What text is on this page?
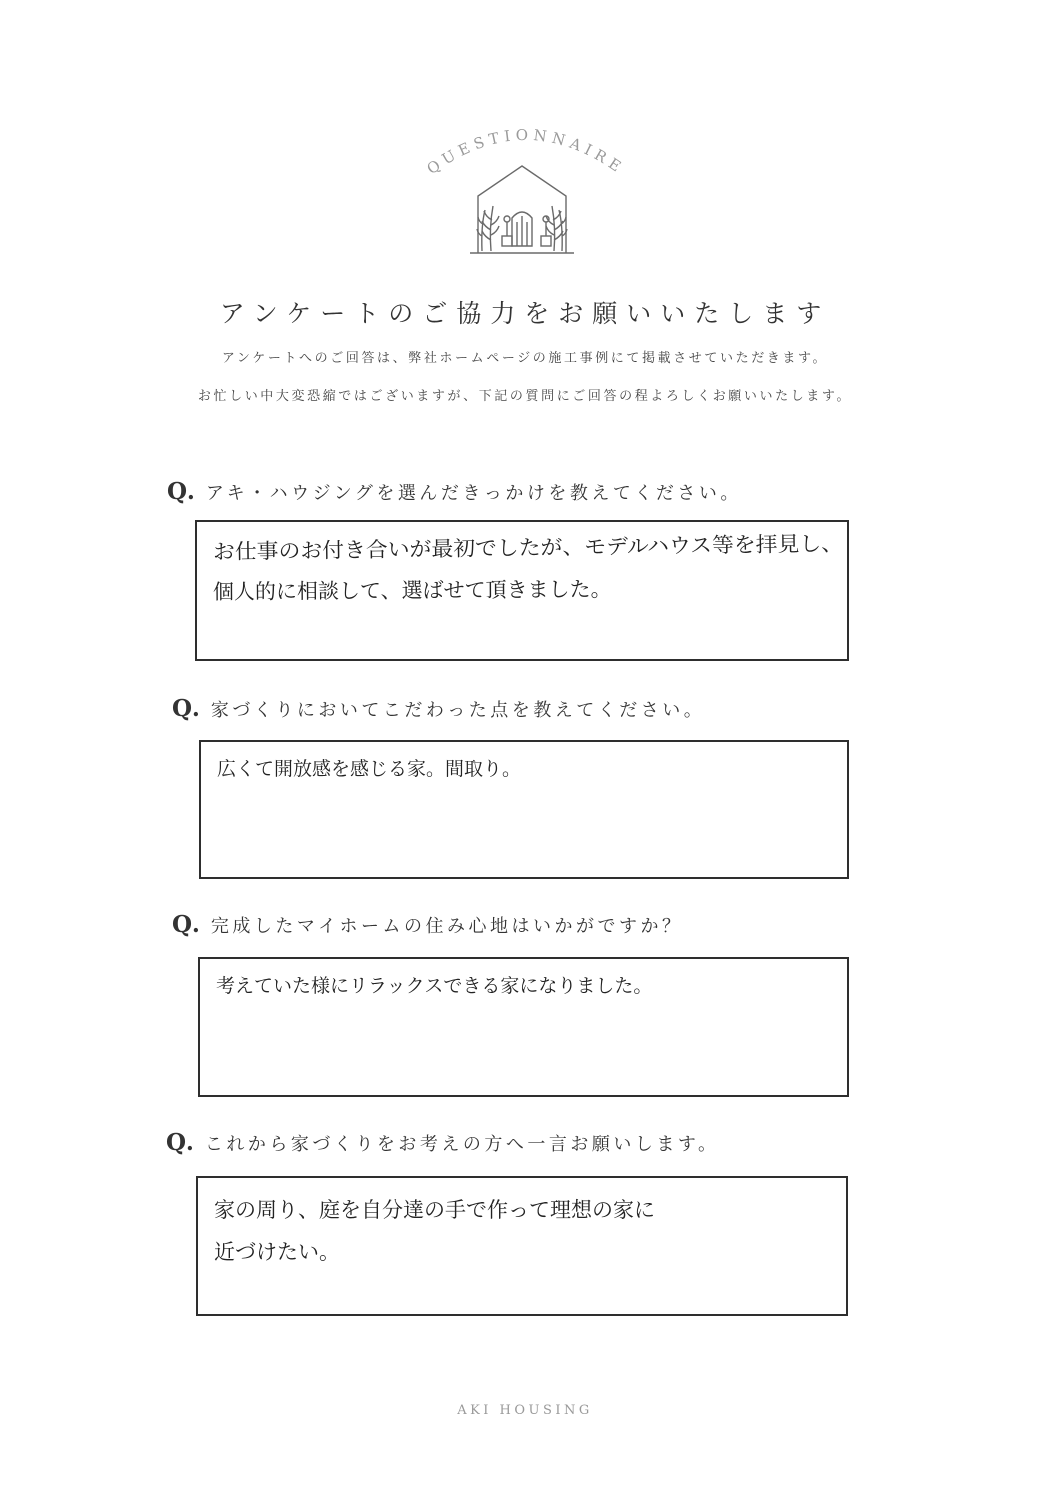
QUESTIONNAIRE
アンケートのご協力をお願いいたします
アンケートへのご回答は、弊社ホームページの施工事例にて掲載させていただきます。
お忙しい中大変恐縮ではございますが、下記の質問にご回答の程よろしくお願いいたします。
Q. アキ・ハウジングを選んだきっかけを教えてください。
お仕事のお付き合いが最初でしたが、モデルハウス等を拝見し、
個人的に相談して、選ばせて頂きました。
Q. 家づくりにおいてこだわった点を教えてください。
広くて開放感を感じる家。間取り。
Q. 完成したマイホームの住み心地はいかがですか？
考えていた様にリラックスできる家になりました。
Q. これから家づくりをお考えの方へ一言お願いします。
家の周り、庭を自分達の手で作って理想の家に
近づけたい。
AKI HOUSING
